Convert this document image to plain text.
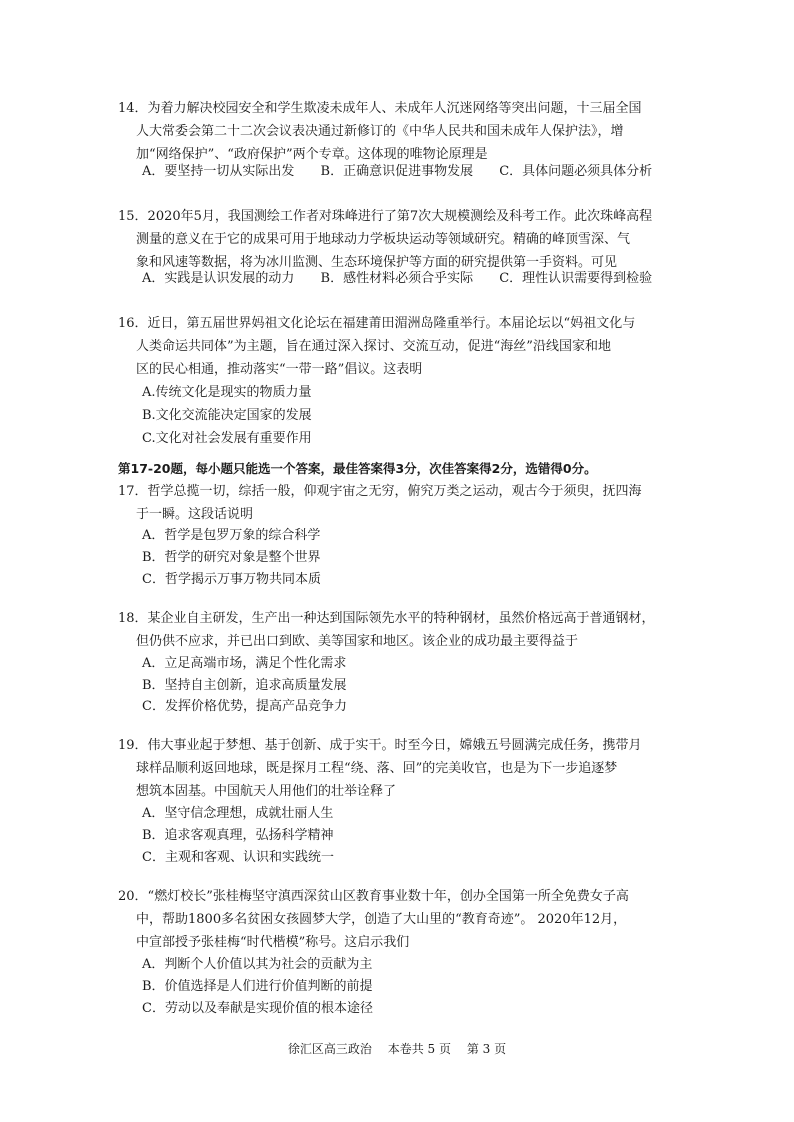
14．为着力解决校园安全和学生欺凌未成年人、未成年人沉迷网络等突出问题，十三届全国
人大常委会第二十二次会议表决通过新修订的《中华人民共和国未成年人保护法》，增
加“网络保护”、“政府保护”两个专章。这体现的唯物论原理是
A．要坚持一切从实际出发 B．正确意识促进事物发展 C．具体问题必须具体分析
15．2020年5月，我国测绘工作者对珠峰进行了第7次大规模测绘及科考工作。此次珠峰高程
测量的意义在于它的成果可用于地球动力学板块运动等领域研究。精确的峰顶雪深、气
象和风速等数据，将为冰川监测、生态环境保护等方面的研究提供第一手资料。可见
A．实践是认识发展的动力 B．感性材料必须合乎实际 C．理性认识需要得到检验
16．近日，第五届世界妈祖文化论坛在福建莆田湄洲岛隆重举行。本届论坛以“妈祖文化与
人类命运共同体”为主题，旨在通过深入探讨、交流互动，促进“海丝”沿线国家和地
区的民心相通，推动落实“一带一路”倡议。这表明
A.传统文化是现实的物质力量
B.文化交流能决定国家的发展
C.文化对社会发展有重要作用
第17-20题，每小题只能选一个答案，最佳答案得3分，次佳答案得2分，选错得0分。
17．哲学总揽一切，综括一般，仰观宇宙之无穷，俯究万类之运动，观古今于须臾，抚四海
于一瞬。这段话说明
A．哲学是包罗万象的综合科学
B．哲学的研究对象是整个世界
C．哲学揭示万事万物共同本质
18．某企业自主研发，生产出一种达到国际领先水平的特种钢材，虽然价格远高于普通钢材，
但仍供不应求，并已出口到欧、美等国家和地区。该企业的成功最主要得益于
A．立足高端市场，满足个性化需求
B．坚持自主创新，追求高质量发展
C．发挥价格优势，提高产品竞争力
19．伟大事业起于梦想、基于创新、成于实干。时至今日，嫦娥五号圆满完成任务，携带月
球样品顺利返回地球，既是探月工程“绕、落、回”的完美收官，也是为下一步追逐梦
想筑本固基。中国航天人用他们的壮举诠释了
A．坚守信念理想，成就壮丽人生
B．追求客观真理，弘扬科学精神
C．主观和客观、认识和实践统一
20．“燃灯校长”张桂梅坚守滇西深贫山区教育事业数十年，创办全国第一所全免费女子高
中，帮助1800多名贫困女孩圆梦大学，创造了大山里的“教育奇迹”。 2020年12月，
中宣部授予张桂梅“时代楷模”称号。这启示我们
A．判断个人价值以其为社会的贡献为主
B．价值选择是人们进行价值判断的前提
C．劳动以及奉献是实现价值的根本途径
徐汇区高三政治 本卷共 5 页 第 3 页
